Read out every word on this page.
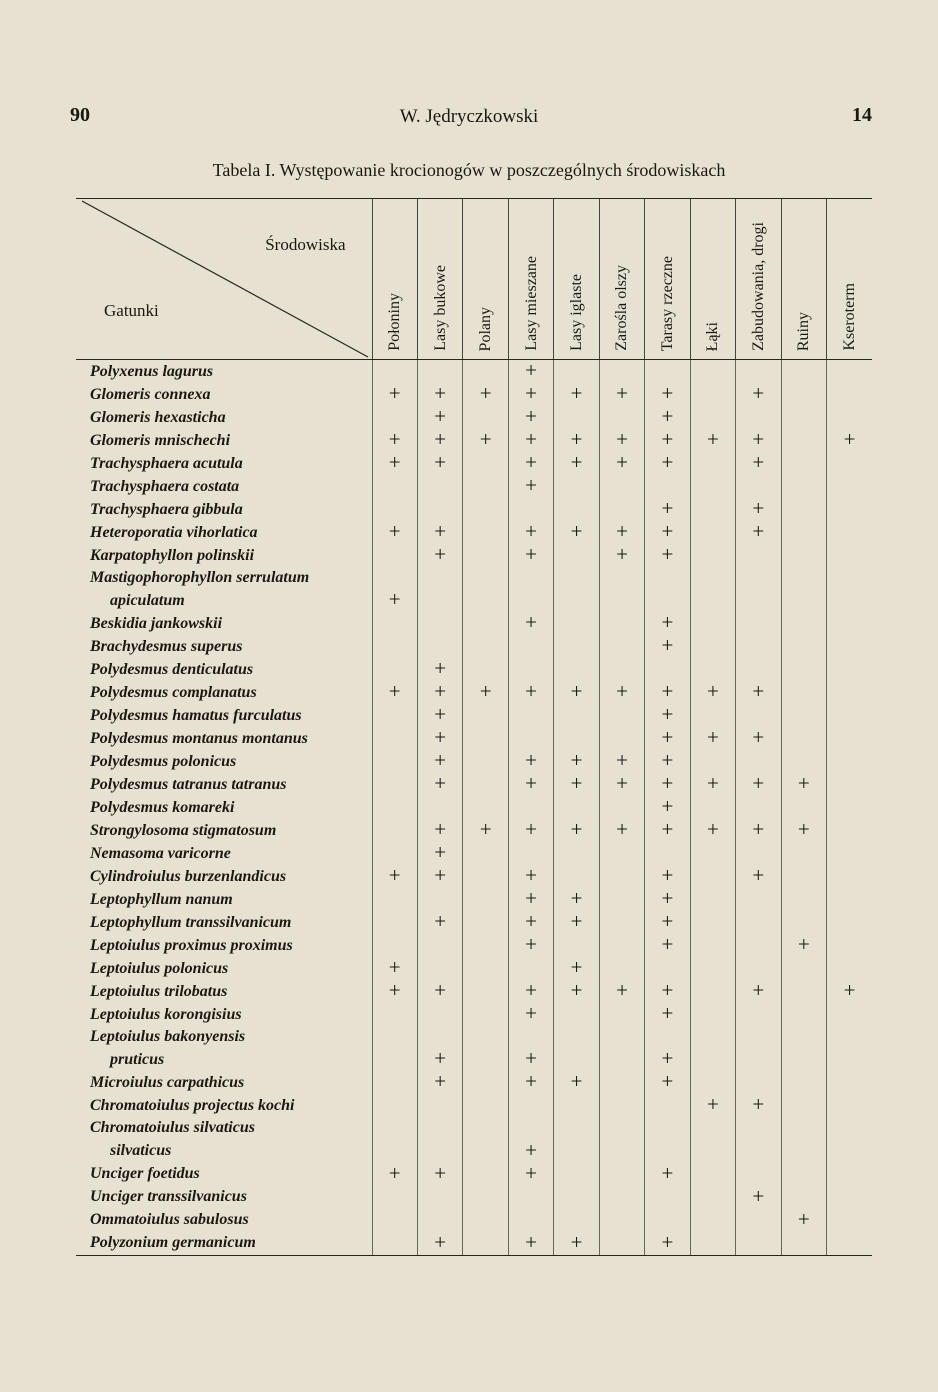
90	W. Jędryczkowski	14
Tabela I. Występowanie krocionogów w poszczególnych środowiskach
Środowiska
Gatunki	Połoniny	Lasy bukowe	Polany	Lasy mieszane	Lasy iglaste	Zarośla olszy	Tarasy rzeczne	Łąki	Zabudowania, drogi	Ruiny	Kseroterm

Polyxenus lagurus				+							
Glomeris connexa	+	+	+	+	+	+	+		+		
Glomeris hexasticha		+		+			+				
Glomeris mnischechi	+	+	+	+	+	+	+	+	+		+
Trachysphaera acutula	+	+		+	+	+	+		+		
Trachysphaera costata				+							
Trachysphaera gibbula							+		+		
Heteroporatia vihorlatica	+	+		+	+	+	+		+		
Karpatophyllon polinskii		+		+		+	+				
Mastigophorophyllon serrulatum											
apiculatum	+										
Beskidia jankowskii				+			+				
Brachydesmus superus							+				
Polydesmus denticulatus		+									
Polydesmus complanatus	+	+	+	+	+	+	+	+	+		
Polydesmus hamatus furculatus		+					+				
Polydesmus montanus montanus		+					+	+	+		
Polydesmus polonicus		+		+	+	+	+				
Polydesmus tatranus tatranus		+		+	+	+	+	+	+	+	
Polydesmus komareki							+				
Strongylosoma stigmatosum		+	+	+	+	+	+	+	+	+	
Nemasoma varicorne		+									
Cylindroiulus burzenlandicus	+	+		+			+		+		
Leptophyllum nanum				+	+		+				
Leptophyllum transsilvanicum		+		+	+		+				
Leptoiulus proximus proximus				+			+			+	
Leptoiulus polonicus	+				+						
Leptoiulus trilobatus	+	+		+	+	+	+		+		+
Leptoiulus korongisius				+			+				
Leptoiulus bakonyensis											
pruticus		+		+			+				
Microiulus carpathicus		+		+	+		+				
Chromatoiulus projectus kochi								+	+		
Chromatoiulus silvaticus											
silvaticus				+							
Unciger foetidus	+	+		+			+				
Unciger transsilvanicus									+		
Ommatoiulus sabulosus										+	
Polyzonium germanicum		+		+	+		+				
